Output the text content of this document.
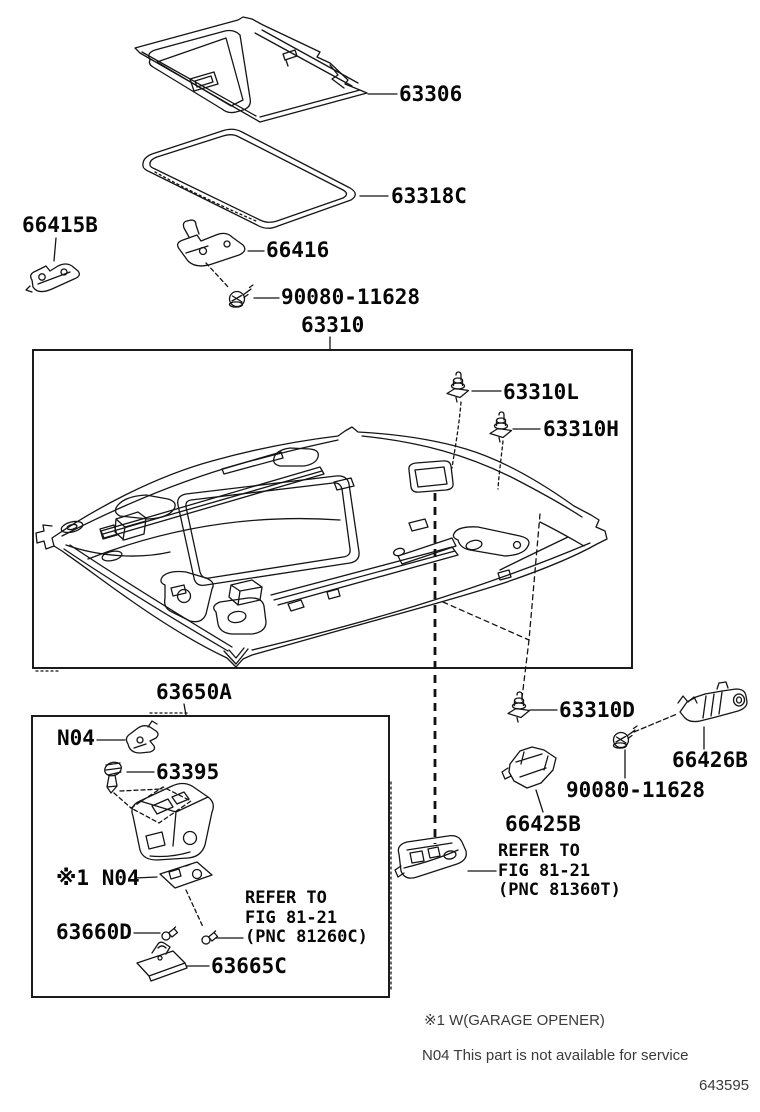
63306
63318C
66415B
66416
90080-11628
63310
63310L
63310H
63650A
N04
63395
※1 N04
63660D
63665C
63310D
66426B
90080-11628
66425B
REFER TO
FIG 81-21
(PNC 81260C)
REFER TO
FIG 81-21
(PNC 81360T)
※1 W(GARAGE OPENER)
N04 This part is not available for service
643595
